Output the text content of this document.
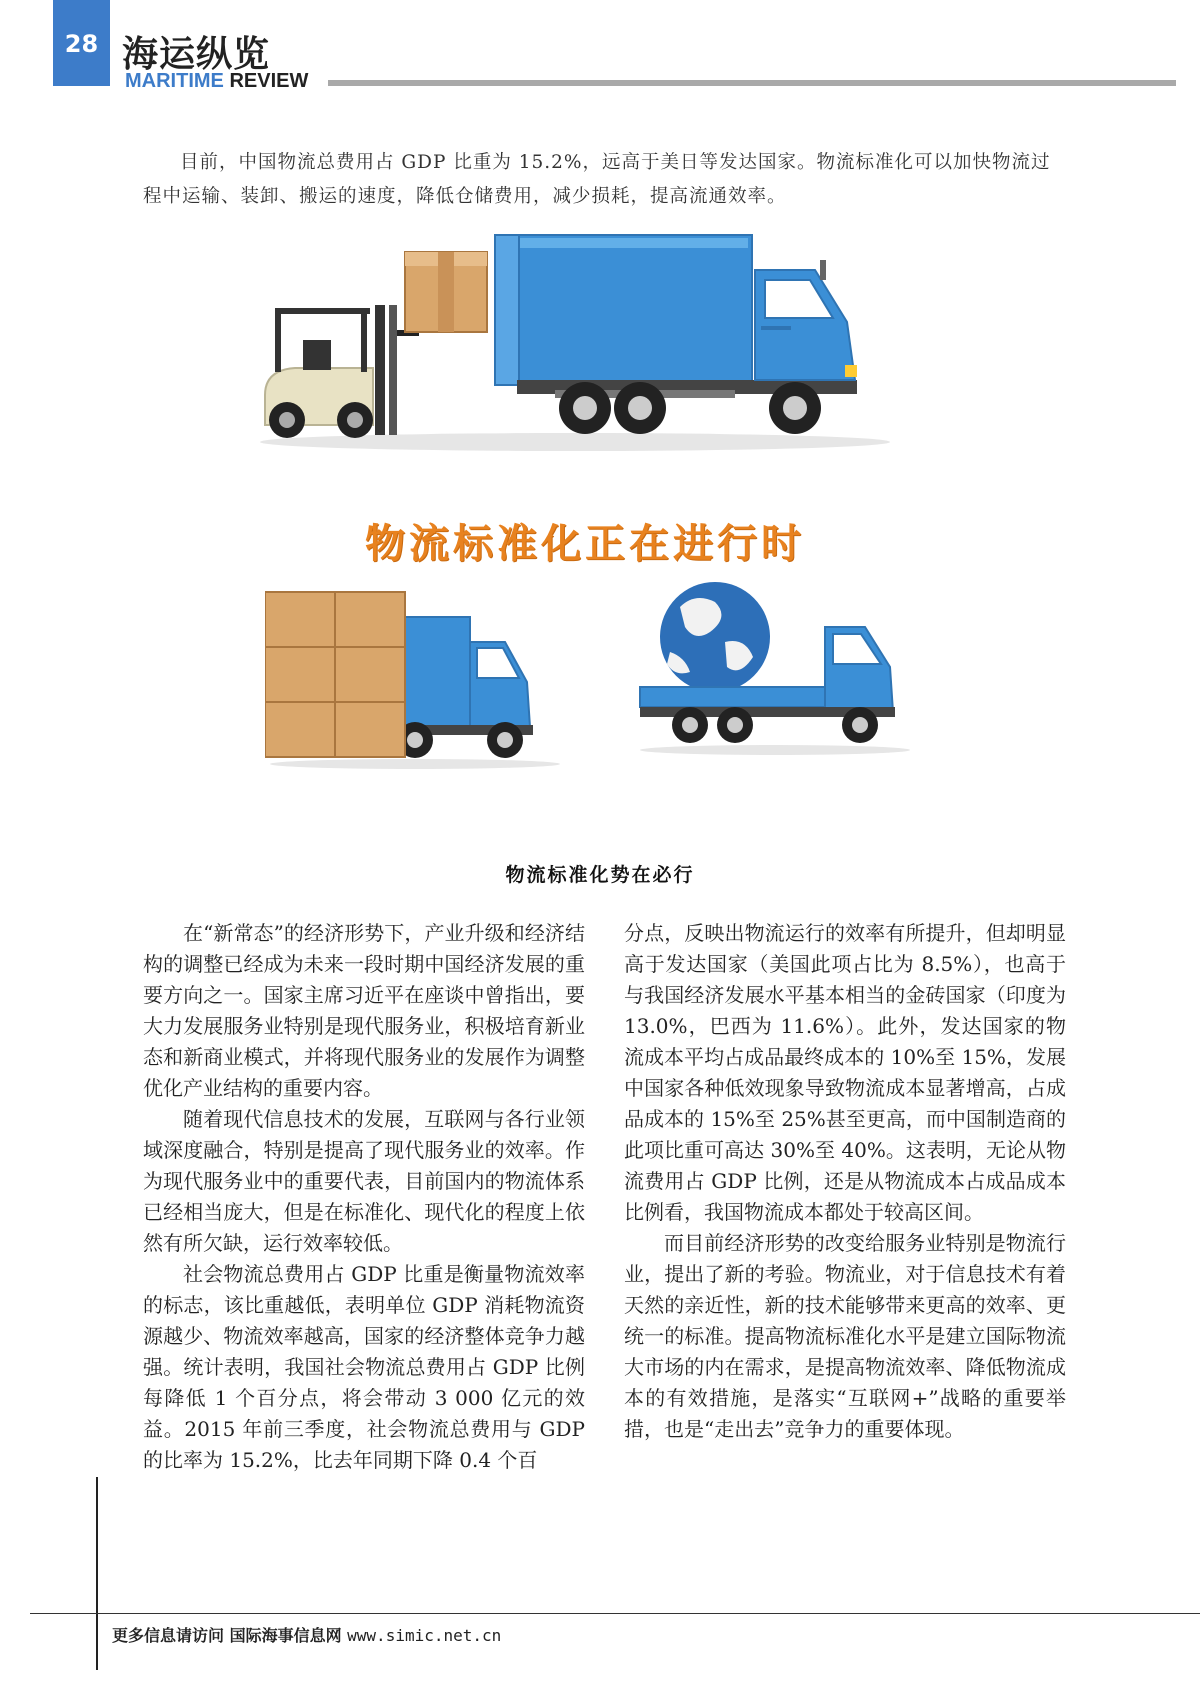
28 海运纵览
MARITIME REVIEW
目前，中国物流总费用占 GDP 比重为 15.2%，远高于美日等发达国家。物流标准化可以加快物流过程中运输、装卸、搬运的速度，降低仓储费用，减少损耗，提高流通效率。
物流标准化正在进行时
物流标准化势在必行

在“新常态”的经济形势下，产业升级和经济结构的调整已经成为未来一段时期中国经济发展的重要方向之一。国家主席习近平在座谈中曾指出，要大力发展服务业特别是现代服务业，积极培育新业态和新商业模式，并将现代服务业的发展作为调整优化产业结构的重要内容。

随着现代信息技术的发展，互联网与各行业领域深度融合，特别是提高了现代服务业的效率。作为现代服务业中的重要代表，目前国内的物流体系已经相当庞大，但是在标准化、现代化的程度上依然有所欠缺，运行效率较低。

社会物流总费用占 GDP 比重是衡量物流效率的标志，该比重越低，表明单位 GDP 消耗物流资源越少、物流效率越高，国家的经济整体竞争力越强。统计表明，我国社会物流总费用占 GDP 比例每降低 1 个百分点，将会带动 3 000 亿元的效益。2015 年前三季度，社会物流总费用与 GDP 的比率为 15.2%，比去年同期下降 0.4 个百

分点，反映出物流运行的效率有所提升，但却明显高于发达国家（美国此项占比为 8.5%），也高于与我国经济发展水平基本相当的金砖国家（印度为 13.0%，巴西为 11.6%）。此外，发达国家的物流成本平均占成品最终成本的 10%至 15%，发展中国家各种低效现象导致物流成本显著增高，占成品成本的 15%至 25%甚至更高，而中国制造商的此项比重可高达 30%至 40%。这表明，无论从物流费用占 GDP 比例，还是从物流成本占成品成本比例看，我国物流成本都处于较高区间。

而目前经济形势的改变给服务业特别是物流行业，提出了新的考验。物流业，对于信息技术有着天然的亲近性，新的技术能够带来更高的效率、更统一的标准。提高物流标准化水平是建立国际物流大市场的内在需求，是提高物流效率、降低物流成本的有效措施，是落实“互联网+”战略的重要举措，也是“走出去”竞争力的重要体现。

更多信息请访问 国际海事信息网 www.simic.net.cn
